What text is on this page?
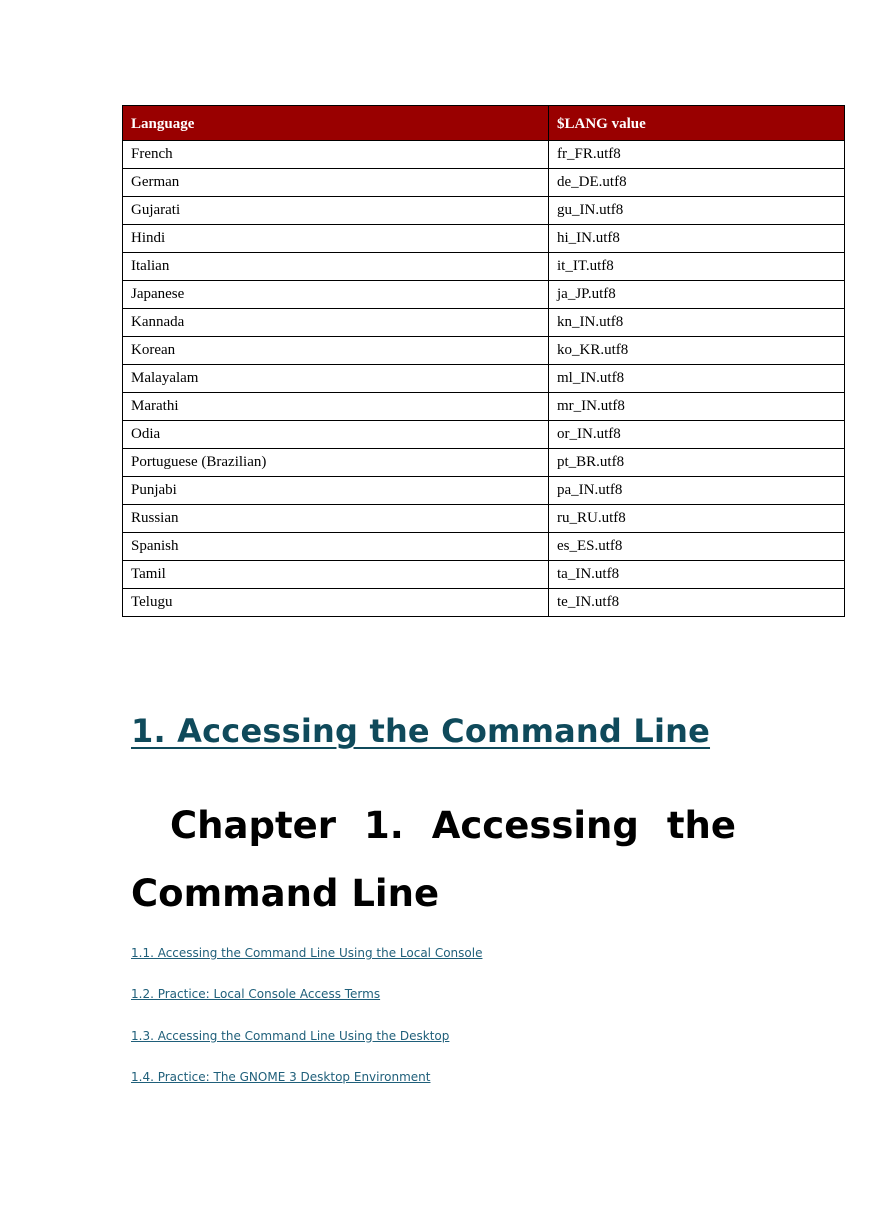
Language	$LANG value
French	fr_FR.utf8
German	de_DE.utf8
Gujarati	gu_IN.utf8
Hindi	hi_IN.utf8
Italian	it_IT.utf8
Japanese	ja_JP.utf8
Kannada	kn_IN.utf8
Korean	ko_KR.utf8
Malayalam	ml_IN.utf8
Marathi	mr_IN.utf8
Odia	or_IN.utf8
Portuguese (Brazilian)	pt_BR.utf8
Punjabi	pa_IN.utf8
Russian	ru_RU.utf8
Spanish	es_ES.utf8
Tamil	ta_IN.utf8
Telugu	te_IN.utf8
1. Accessing the Command Line
Chapter 1. Accessing the Command Line
1.1. Accessing the Command Line Using the Local Console
1.2. Practice: Local Console Access Terms
1.3. Accessing the Command Line Using the Desktop
1.4. Practice: The GNOME 3 Desktop Environment
